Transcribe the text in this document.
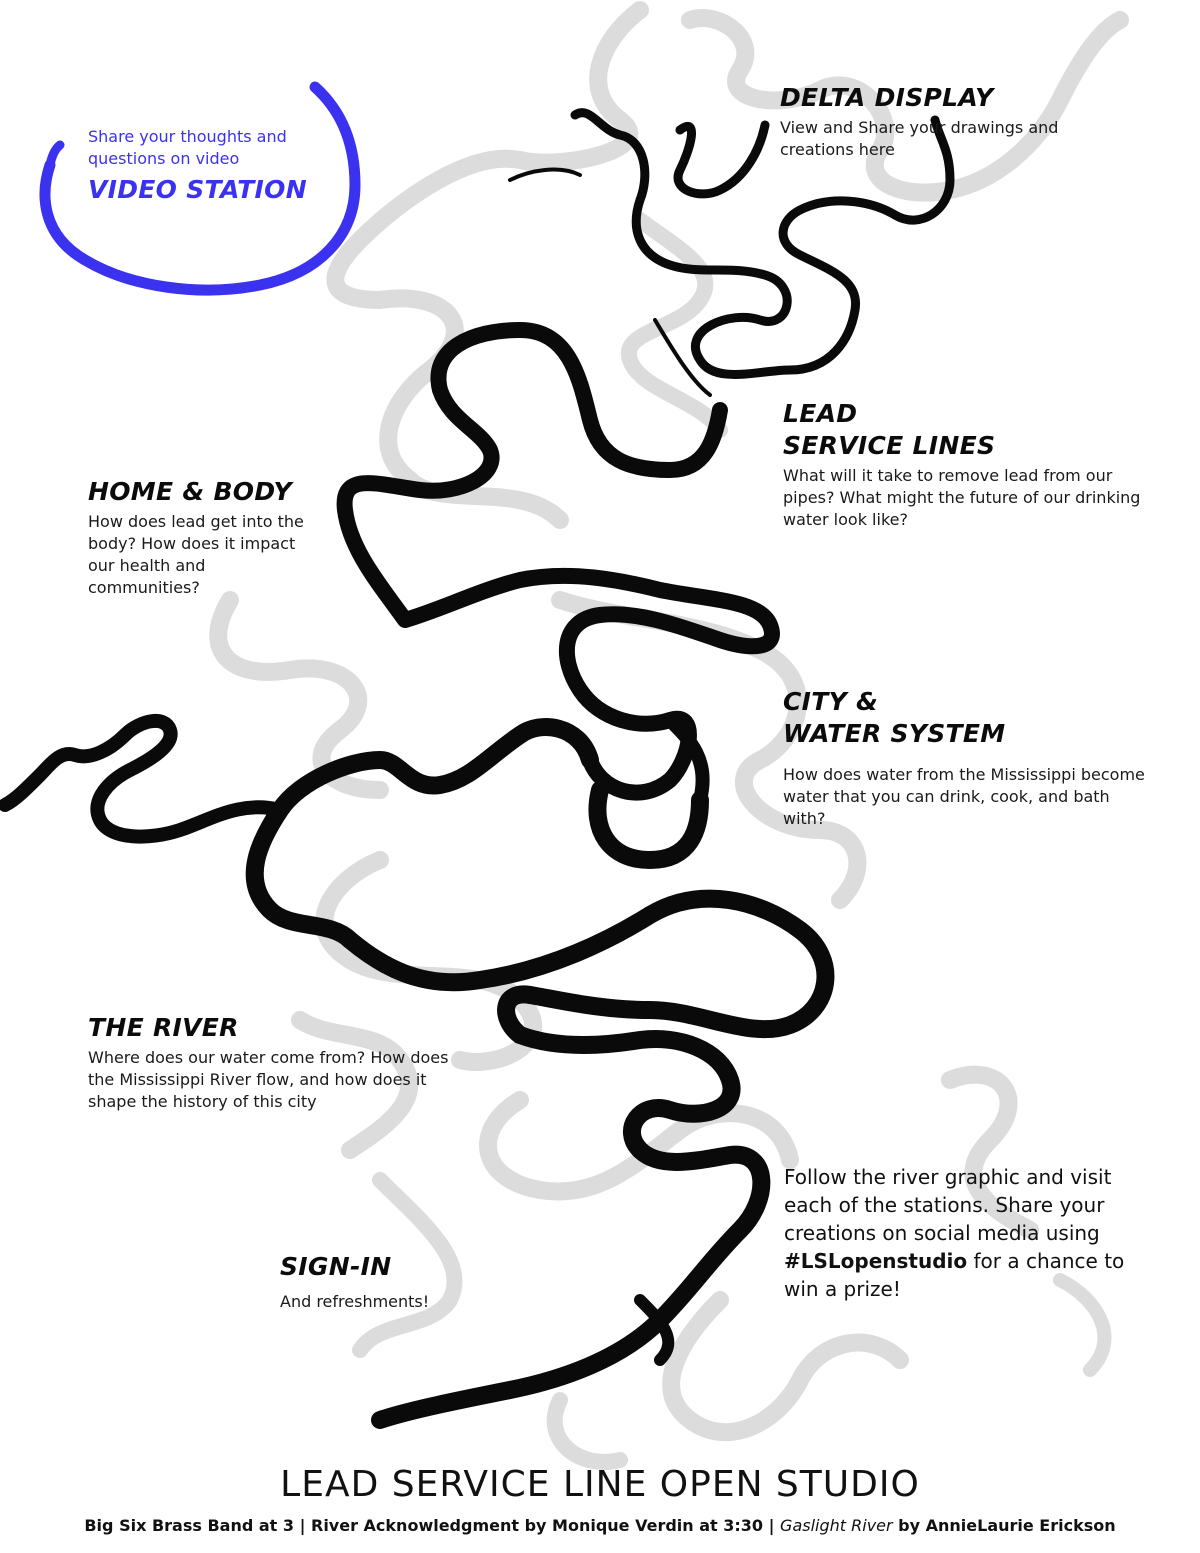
Share your thoughts and questions on video
VIDEO STATION
DELTA DISPLAY
View and Share your drawings and creations here
LEAD
SERVICE LINES
What will it take to remove lead from our pipes? What might the future of our drinking water look like?
HOME & BODY
How does lead get into the body? How does it impact our health and communities?
CITY &
WATER SYSTEM
How does water from the Mississippi become water that you can drink, cook, and bath with?
THE RIVER
Where does our water come from? How does the Mississippi River flow, and how does it shape the history of this city
SIGN-IN
And refreshments!
Follow the river graphic and visit each of the stations. Share your creations on social media using #LSLopenstudio for a chance to win a prize!
LEAD SERVICE LINE OPEN STUDIO
Big Six Brass Band at 3 | River Acknowledgment by Monique Verdin at 3:30 | Gaslight River by AnnieLaurie Erickson
